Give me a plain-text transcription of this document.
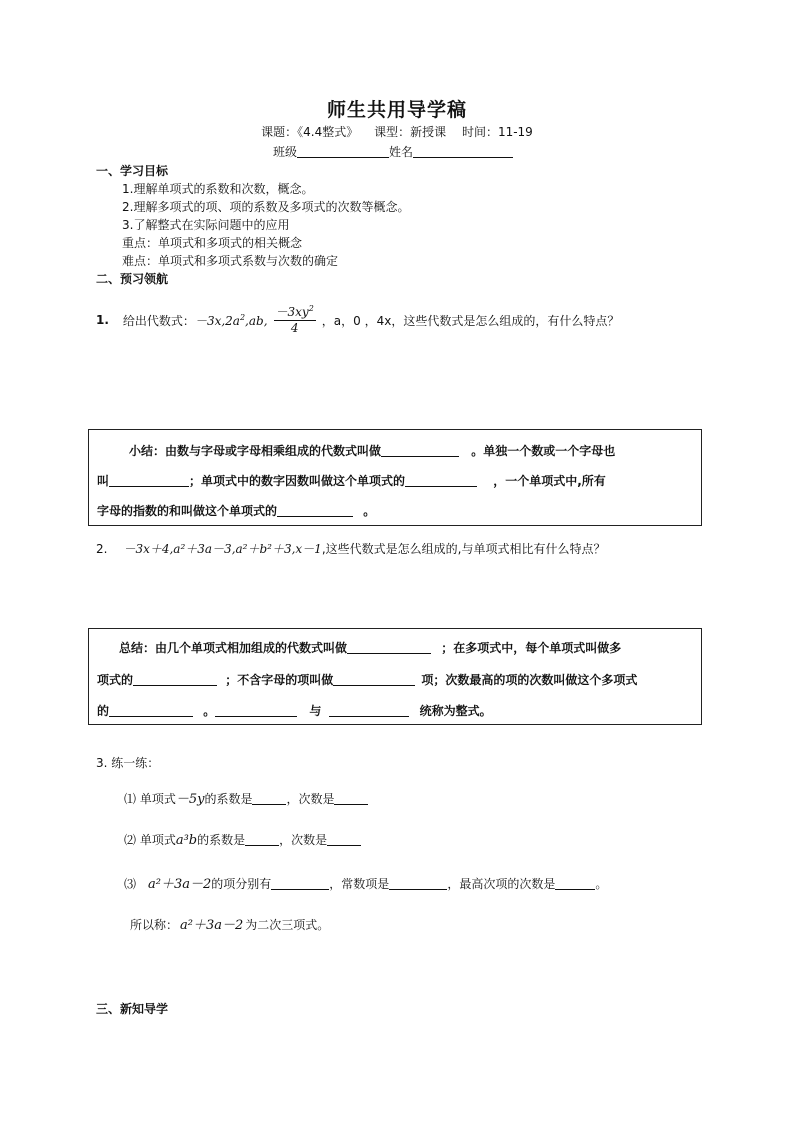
师生共用导学稿
课题：《4.4整式》 课型：新授课 时间：11-19
班级	姓名
一、学习目标
1.理解单项式的系数和次数，概念。
2.理解多项式的项、项的系数及多项式的次数等概念。
3.了解整式在实际问题中的应用
重点：单项式和多项式的相关概念
难点：单项式和多项式系数与次数的确定
二、预习领航
1. 给出代数式： $-3x,2a^2,ab$, $\frac{-3xy^2}{4}$ ，a，0 ，4x， 这些代数式是怎么组成的，有什么特点？
小结：由数与字母或字母相乘组成的代数式叫做	。单独一个数或一个字母也
叫	；单项式中的数字因数叫做这个单项式的	，一个单项式中,所有
字母的指数的和叫做这个单项式的	。
2. －3x＋4,a²＋3a－3,a²＋b²＋3,x－1,这些代数式是怎么组成的,与单项式相比有什么特点？
总结：由几个单项式相加组成的代数式叫做	；在多项式中，每个单项式叫做多
项式的	；不含字母的项叫做	项；次数最高的项的次数叫做这个多项式
的	。	与	统称为整式。
3. 练一练：
⑴ 单项式－5y的系数是	，次数是
⑵ 单项式a³b的系数是	，次数是
⑶ a²＋3a－2的项分别有	，常数项是	，最高次项的次数是	。
所以称： a²＋3a－2 为二次三项式。
三、新知导学
